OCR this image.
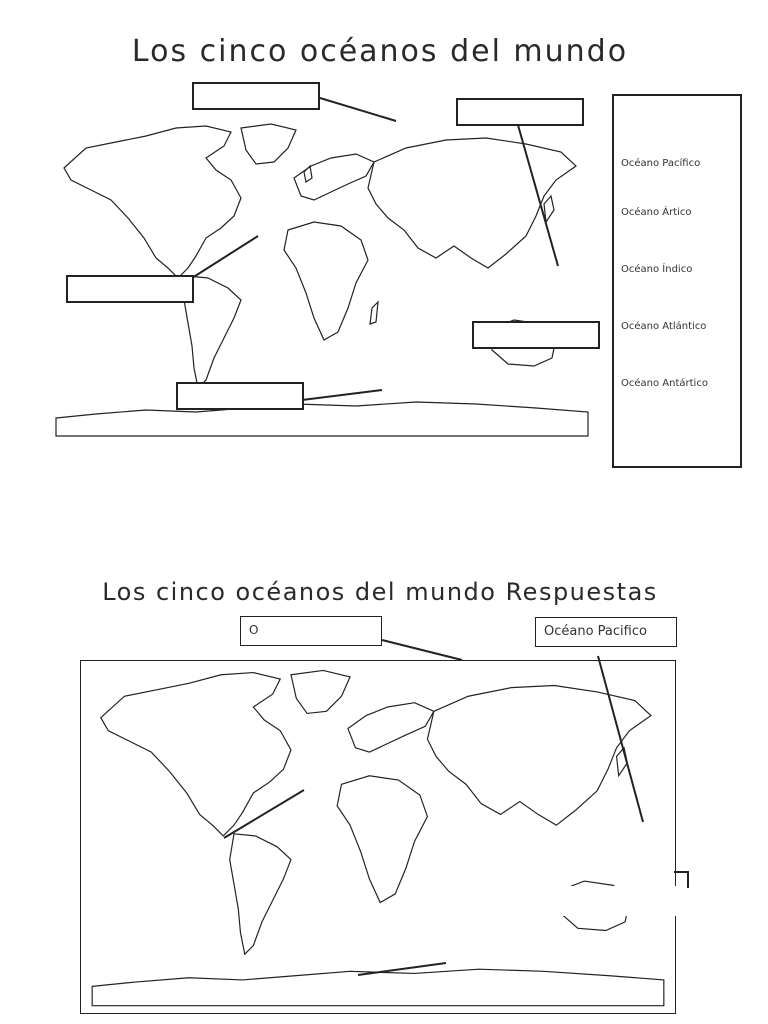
Los cinco océanos del mundo
Océano Pacífico
Océano Ártico
Océano Índico
Océano Atlántico
Océano Antártico
Los cinco océanos del mundo Respuestas
O	Océano Pacifico
